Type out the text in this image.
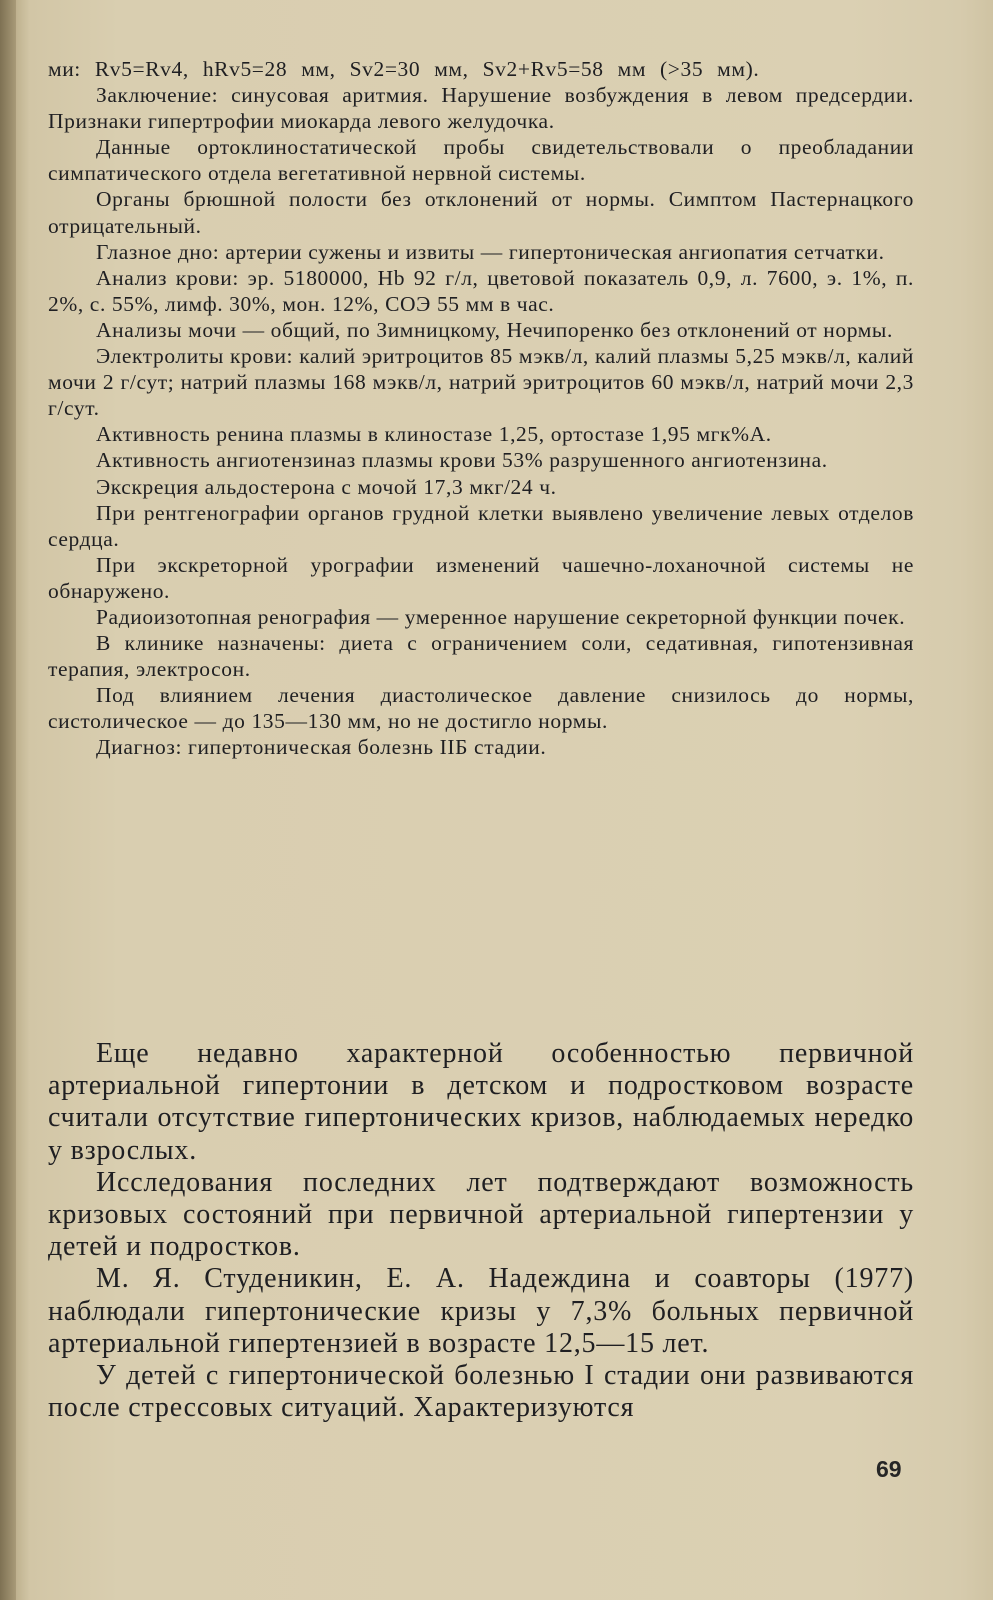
ми: Rv5=Rv4, hRv5=28 мм, Sv2=30 мм, Sv2+Rv5=58 мм (>35 мм).

Заключение: синусовая аритмия. Нарушение возбуждения в левом предсердии. Признаки гипертрофии миокарда левого желудочка.

Данные ортоклиностатической пробы свидетельствовали о преобладании симпатического отдела вегетативной нервной системы.

Органы брюшной полости без отклонений от нормы. Симптом Пастернацкого отрицательный.

Глазное дно: артерии сужены и извиты — гипертоническая ангиопатия сетчатки.

Анализ крови: эр. 5180000, Hb 92 г/л, цветовой показатель 0,9, л. 7600, э. 1%, п. 2%, с. 55%, лимф. 30%, мон. 12%, СОЭ 55 мм в час.

Анализы мочи — общий, по Зимницкому, Нечипоренко без отклонений от нормы.

Электролиты крови: калий эритроцитов 85 мэкв/л, калий плазмы 5,25 мэкв/л, калий мочи 2 г/сут; натрий плазмы 168 мэкв/л, натрий эритроцитов 60 мэкв/л, натрий мочи 2,3 г/сут.

Активность ренина плазмы в клиностазе 1,25, ортостазе 1,95 мгк%А.

Активность ангиотензиназ плазмы крови 53% разрушенного ангиотензина.

Экскреция альдостерона с мочой 17,3 мкг/24 ч.

При рентгенографии органов грудной клетки выявлено увеличение левых отделов сердца.

При экскреторной урографии изменений чашечно-лоханочной системы не обнаружено.

Радиоизотопная ренография — умеренное нарушение секреторной функции почек.

В клинике назначены: диета с ограничением соли, седативная, гипотензивная терапия, электросон.

Под влиянием лечения диастолическое давление снизилось до нормы, систолическое — до 135—130 мм, но не достигло нормы.

Диагноз: гипертоническая болезнь IIБ стадии.

Еще недавно характерной особенностью первичной артериальной гипертонии в детском и подростковом возрасте считали отсутствие гипертонических кризов, наблюдаемых нередко у взрослых.

Исследования последних лет подтверждают возможность кризовых состояний при первичной артериальной гипертензии у детей и подростков.

М. Я. Студеникин, Е. А. Надеждина и соавторы (1977) наблюдали гипертонические кризы у 7,3% больных первичной артериальной гипертензией в возрасте 12,5—15 лет.

У детей с гипертонической болезнью I стадии они развиваются после стрессовых ситуаций. Характеризуются

69
